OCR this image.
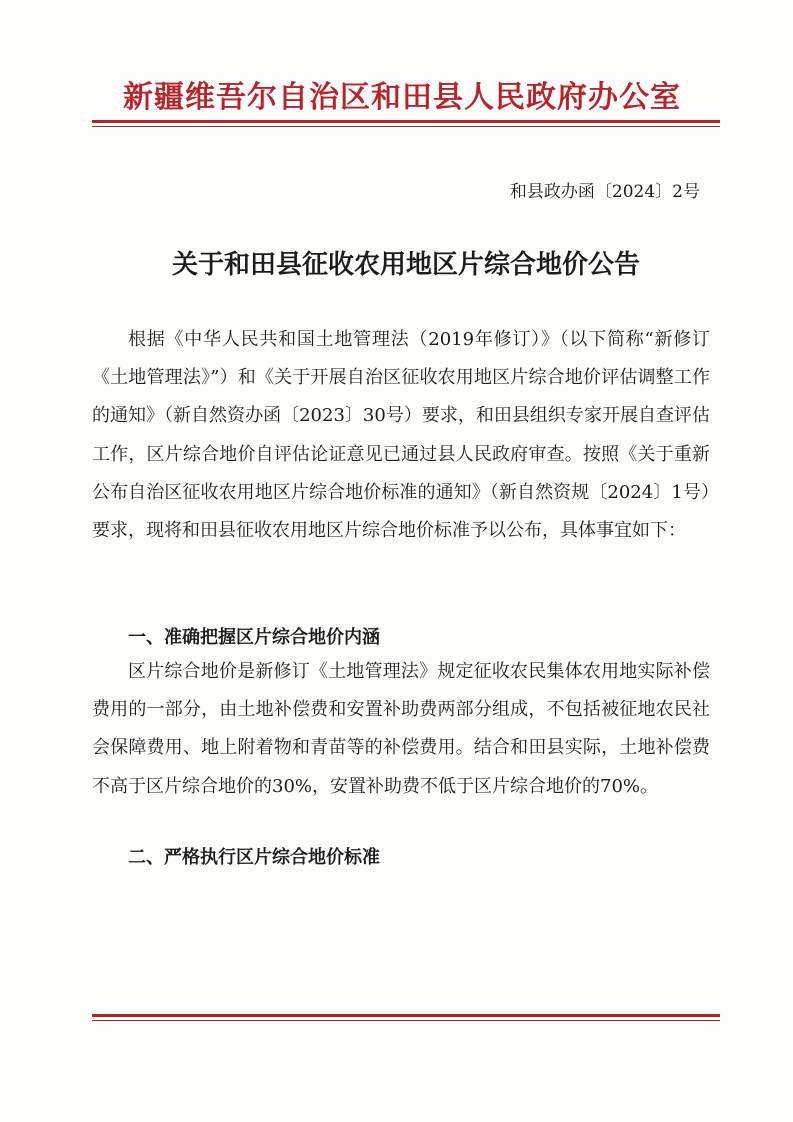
新疆维吾尔自治区和田县人民政府办公室
和县政办函〔2024〕2号
关于和田县征收农用地区片综合地价公告

根据《中华人民共和国土地管理法（2019年修订）》（以下简称“新修订《土地管理法》”）和《关于开展自治区征收农用地区片综合地价评估调整工作的通知》（新自然资办函〔2023〕30号）要求，和田县组织专家开展自查评估工作，区片综合地价自评估论证意见已通过县人民政府审查。按照《关于重新公布自治区征收农用地区片综合地价标准的通知》（新自然资规〔2024〕1号）要求，现将和田县征收农用地区片综合地价标准予以公布，具体事宜如下：

一、准确把握区片综合地价内涵

区片综合地价是新修订《土地管理法》规定征收农民集体农用地实际补偿费用的一部分，由土地补偿费和安置补助费两部分组成，不包括被征地农民社会保障费用、地上附着物和青苗等的补偿费用。结合和田县实际，土地补偿费不高于区片综合地价的30%，安置补助费不低于区片综合地价的70%。

二、严格执行区片综合地价标准
